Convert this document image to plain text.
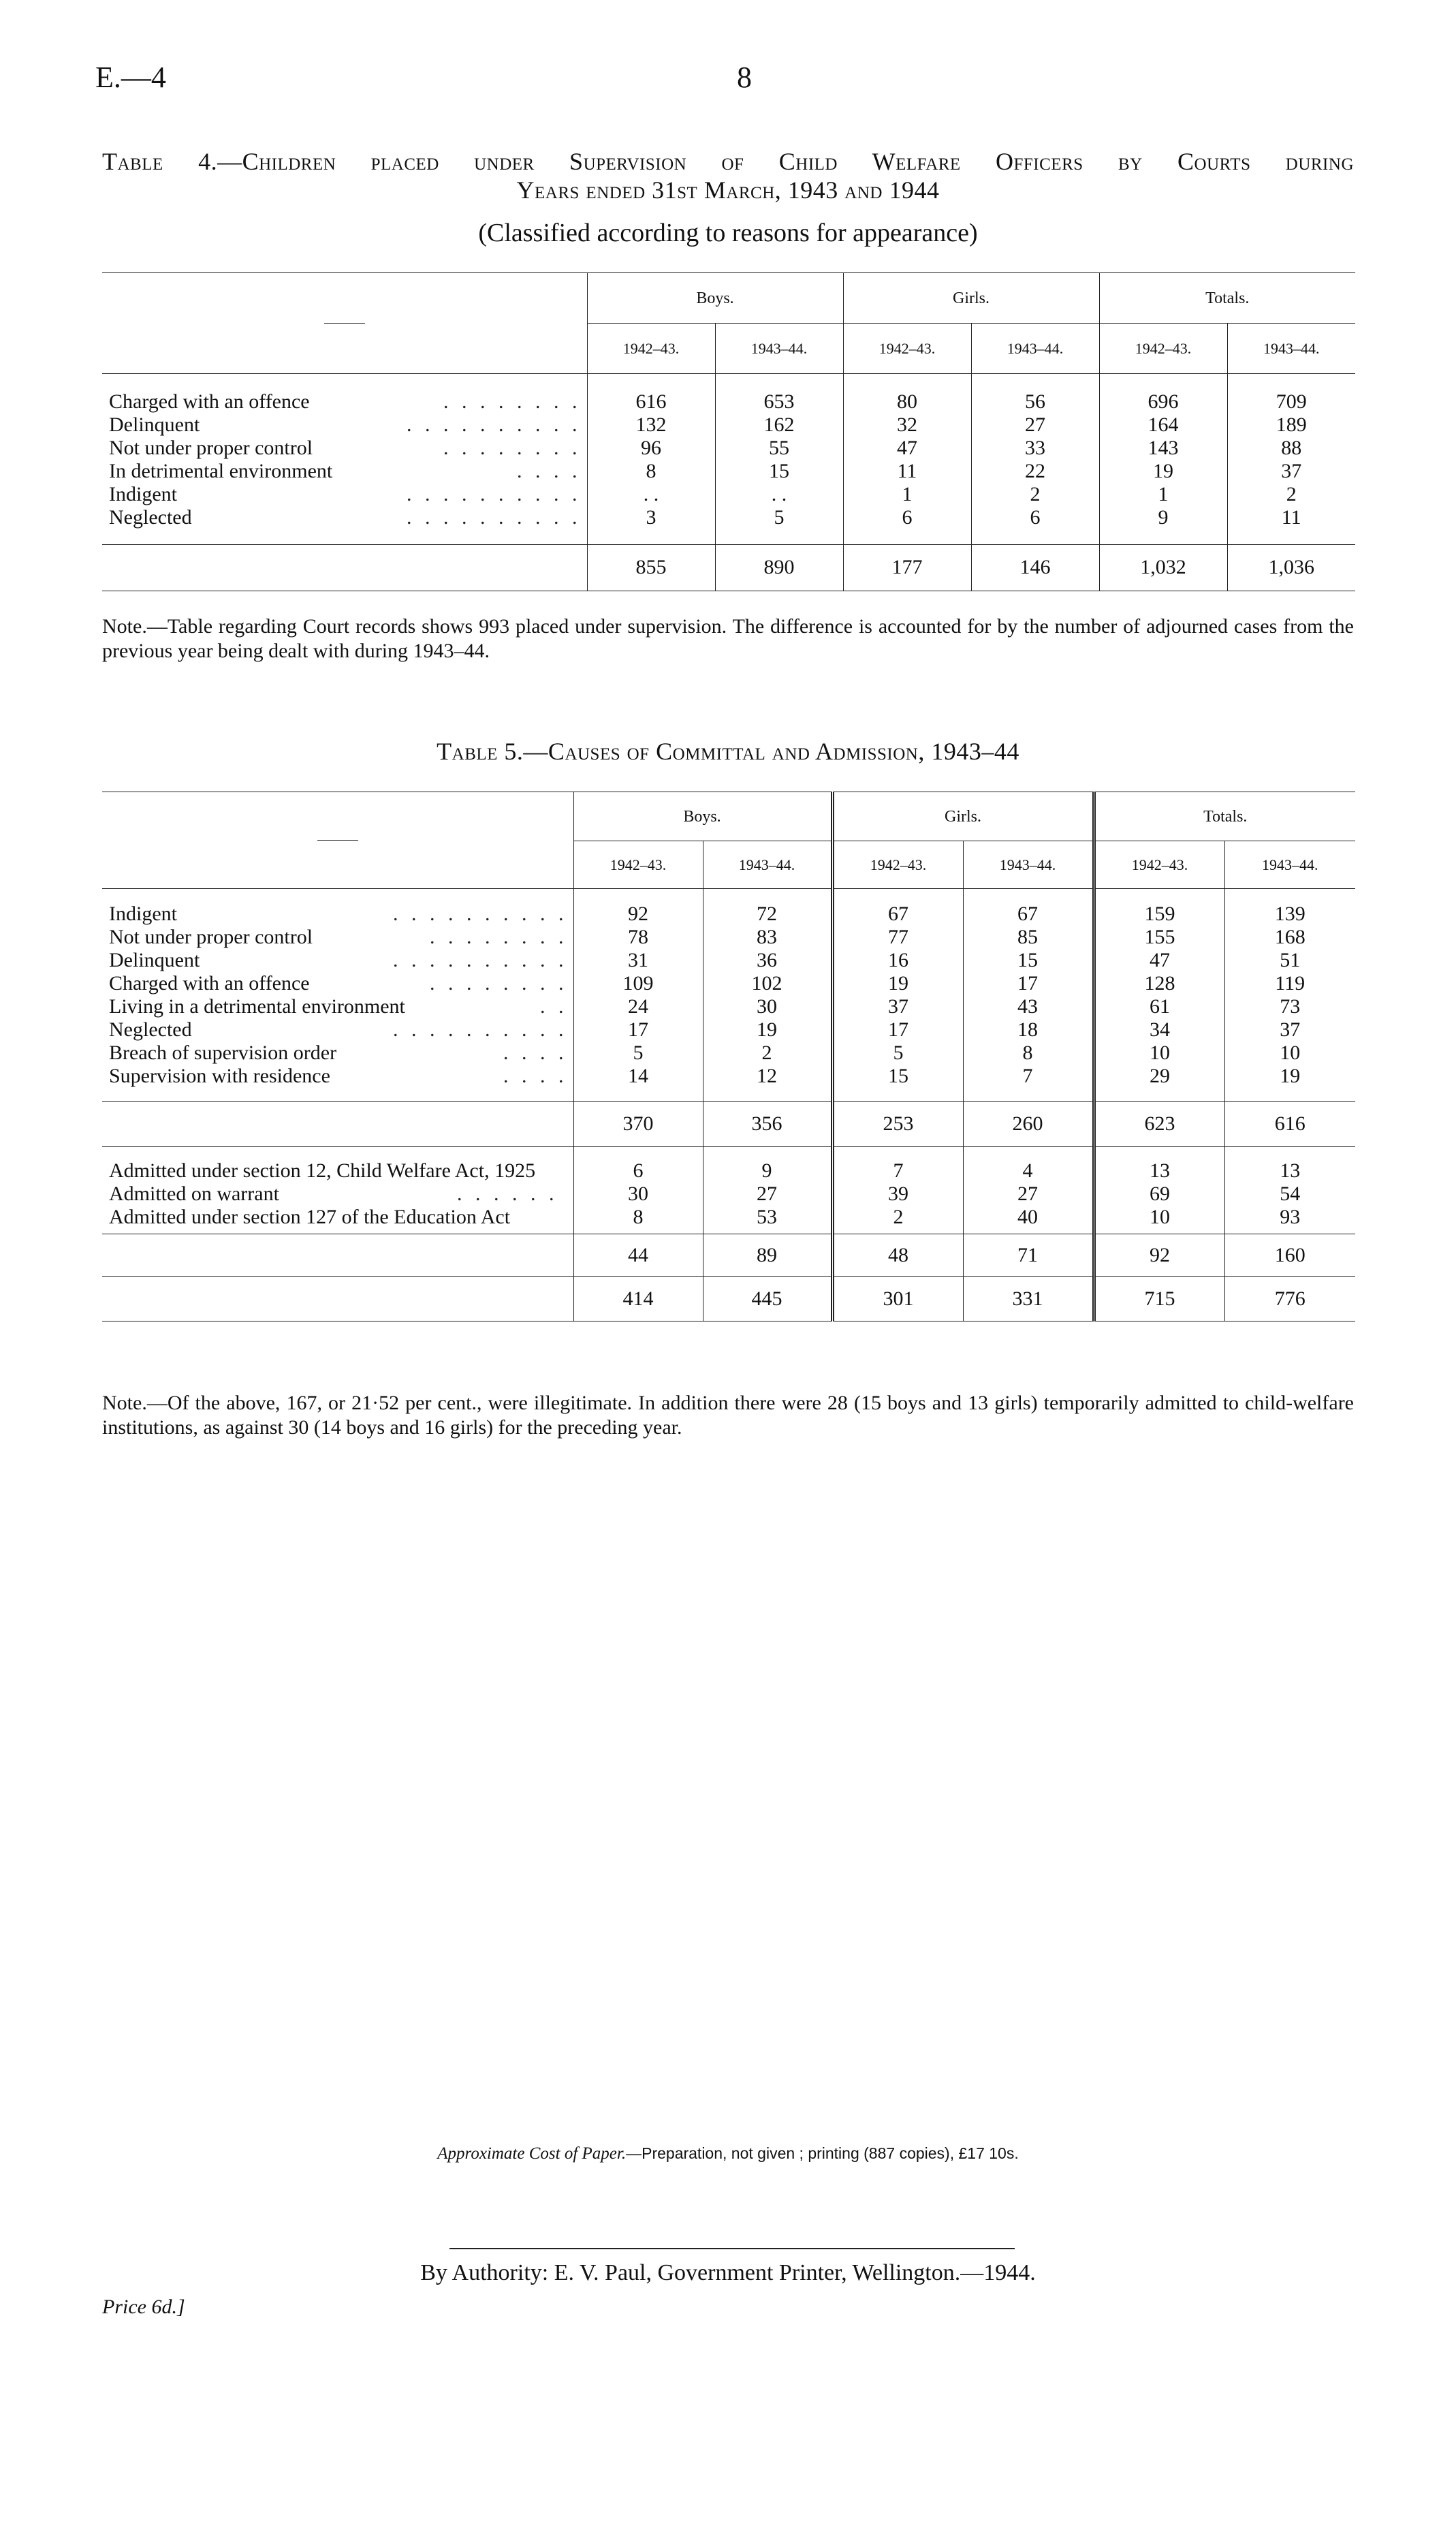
E.—4	8
Table 4.—Children placed under Supervision of Child Welfare Officers by Courts during
Years ended 31st March, 1943 and 1944
(Classified according to reasons for appearance)
	Boys.		Girls.		Totals.	
	1942–43.	1943–44.	1942–43.	1943–44.	1942–43.	1943–44.
Charged with an offence . . . . . . . .	616	653	80	56	696	709
Delinquent . . . . . . . . . .	132	162	32	27	164	189
Not under proper control . . . . . . . .	96	55	47	33	143	88
In detrimental environment . . . .	8	15	11	22	19	37
Indigent . . . . . . . . . .	. .	. .	1	2	1	2
Neglected . . . . . . . . . .	3	5	6	6	9	11
	855	890	177	146	1,032	1,036
Note.—Table regarding Court records shows 993 placed under supervision. The difference is accounted for by the number of adjourned cases from the previous year being dealt with during 1943–44.
Table 5.—Causes of Committal and Admission, 1943–44
	Boys.		Girls.		Totals.	
	1942–43.	1943–44.	1942–43.	1943–44.	1942–43.	1943–44.
Indigent . . . . . . . . . .	92	72	67	67	159	139
Not under proper control . . . . . . . .	78	83	77	85	155	168
Delinquent . . . . . . . . . .	31	36	16	15	47	51
Charged with an offence . . . . . . . .	109	102	19	17	128	119
Living in a detrimental environment . .	24	30	37	43	61	73
Neglected . . . . . . . . . .	17	19	17	18	34	37
Breach of supervision order . . . .	5	2	5	8	10	10
Supervision with residence . . . .	14	12	15	7	29	19
	370	356	253	260	623	616
Admitted under section 12, Child Welfare Act, 1925	6	9	7	4	13	13
Admitted on warrant . . . . . .	30	27	39	27	69	54
Admitted under section 127 of the Education Act	8	53	2	40	10	93
	44	89	48	71	92	160
	414	445	301	331	715	776
Note.—Of the above, 167, or 21·52 per cent., were illegitimate. In addition there were 28 (15 boys and 13 girls) temporarily admitted to child-welfare institutions, as against 30 (14 boys and 16 girls) for the preceding year.
Approximate Cost of Paper.—Preparation, not given ; printing (887 copies), £17 10s.
By Authority: E. V. Paul, Government Printer, Wellington.—1944.
Price 6d.]
